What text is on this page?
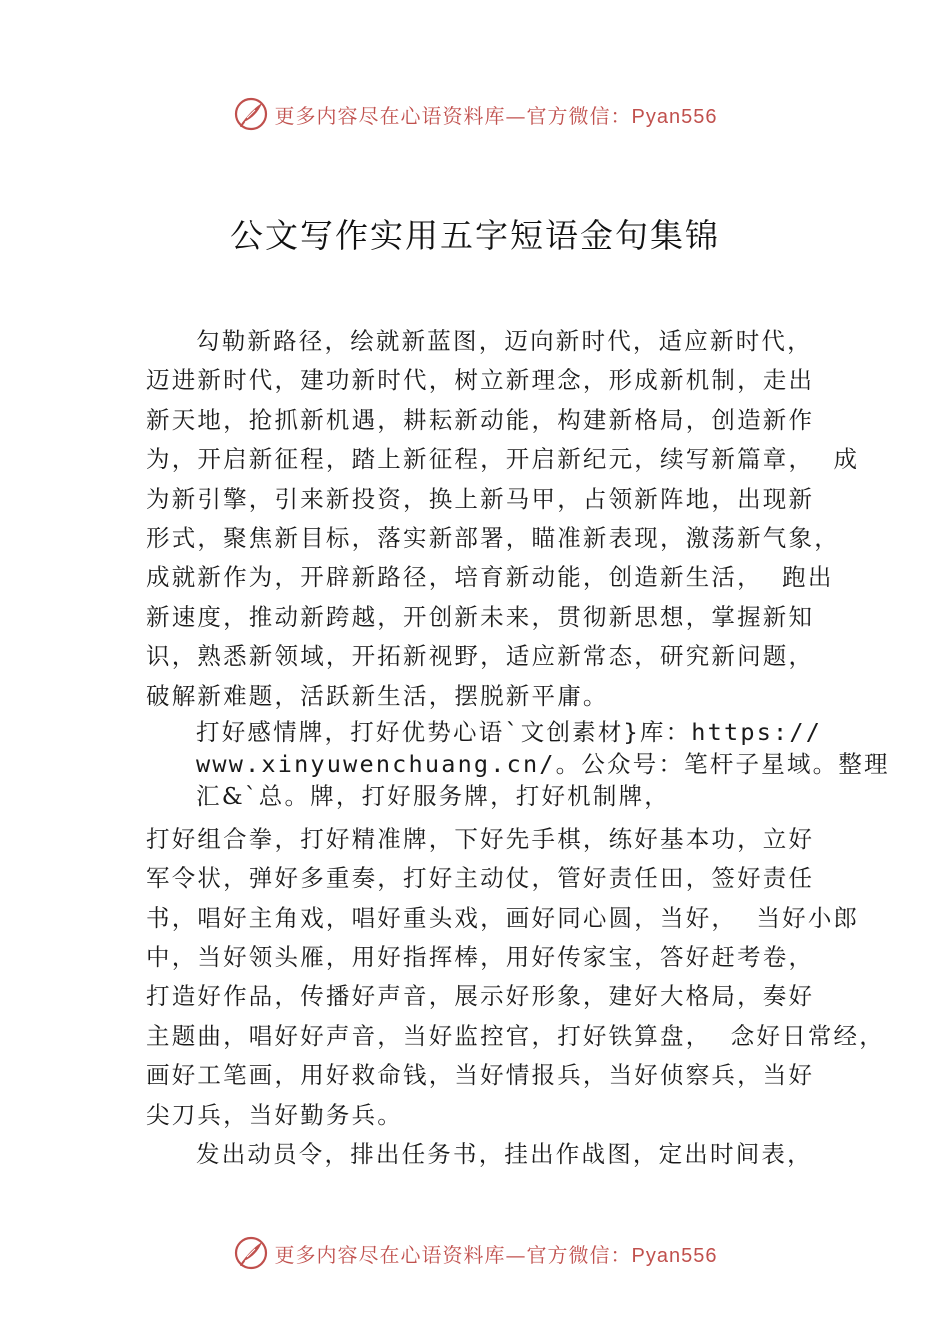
更多内容尽在心语资料库—官方微信：Pyan556
公文写作实用五字短语金句集锦
勾勒新路径，绘就新蓝图，迈向新时代，适应新时代，
迈进新时代，建功新时代，树立新理念，形成新机制，走出
新天地，抢抓新机遇，耕耘新动能，构建新格局，创造新作
为，开启新征程，踏上新征程，开启新纪元，续写新篇章，  成
为新引擎，引来新投资，换上新马甲，占领新阵地，出现新
形式，聚焦新目标，落实新部署，瞄准新表现，激荡新气象，
成就新作为，开辟新路径，培育新动能，创造新生活，  跑出
新速度，推动新跨越，开创新未来，贯彻新思想，掌握新知
识，熟悉新领域，开拓新视野，适应新常态，研究新问题，
破解新难题，活跃新生活，摆脱新平庸。
打好感情牌，打好优势心语`文创素材}库：https://
www.xinyuwenchuang.cn/。公众号：笔杆子星域。整理
汇&`总。牌，打好服务牌，打好机制牌，
打好组合拳，打好精准牌，下好先手棋，练好基本功，立好
军令状，弹好多重奏，打好主动仗，管好责任田，签好责任
书，唱好主角戏，唱好重头戏，画好同心圆，当好，  当好小郎
中，当好领头雁，用好指挥棒，用好传家宝，答好赶考卷，
打造好作品，传播好声音，展示好形象，建好大格局，奏好
主题曲，唱好好声音，当好监控官，打好铁算盘，  念好日常经，
画好工笔画，用好救命钱，当好情报兵，当好侦察兵，当好
尖刀兵，当好勤务兵。
发出动员令，排出任务书，挂出作战图，定出时间表，
更多内容尽在心语资料库—官方微信：Pyan556
